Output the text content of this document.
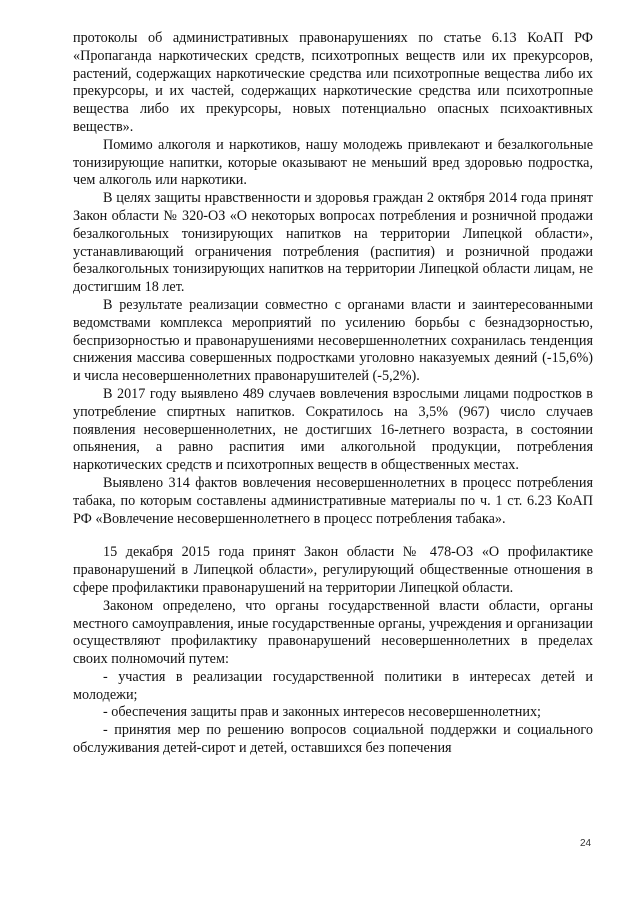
протоколы об административных правонарушениях по статье 6.13 КоАП РФ «Пропаганда наркотических средств, психотропных веществ или их прекурсоров, растений, содержащих наркотические средства или психотропные вещества либо их прекурсоры, и их частей, содержащих наркотические средства или психотропные вещества либо их прекурсоры, новых потенциально опасных психоактивных веществ».

Помимо алкоголя и наркотиков, нашу молодежь привлекают и безалкогольные тонизирующие напитки, которые оказывают не меньший вред здоровью подростка, чем алкоголь или наркотики.

В целях защиты нравственности и здоровья граждан 2 октября 2014 года принят Закон области № 320-ОЗ «О некоторых вопросах потребления и розничной продажи безалкогольных тонизирующих напитков на территории Липецкой области», устанавливающий ограничения потребления (распития) и розничной продажи безалкогольных тонизирующих напитков на территории Липецкой области лицам, не достигшим 18 лет.

В результате реализации совместно с органами власти и заинтересованными ведомствами комплекса мероприятий по усилению борьбы с безнадзорностью, беспризорностью и правонарушениями несовершеннолетних сохранилась тенденция снижения массива совершенных подростками уголовно наказуемых деяний (-15,6%) и числа несовершеннолетних правонарушителей (-5,2%).

В 2017 году выявлено 489 случаев вовлечения взрослыми лицами подростков в употребление спиртных напитков. Сократилось на 3,5% (967) число случаев появления несовершеннолетних, не достигших 16-летнего возраста, в состоянии опьянения, а равно распития ими алкогольной продукции, потребления наркотических средств и психотропных веществ в общественных местах.

Выявлено 314 фактов вовлечения несовершеннолетних в процесс потребления табака, по которым составлены административные материалы по ч. 1 ст. 6.23 КоАП РФ «Вовлечение несовершеннолетнего в процесс потребления табака».

15 декабря 2015 года принят Закон области № 478-ОЗ «О профилактике правонарушений в Липецкой области», регулирующий общественные отношения в сфере профилактики правонарушений на территории Липецкой области.

Законом определено, что органы государственной власти области, органы местного самоуправления, иные государственные органы, учреждения и организации осуществляют профилактику правонарушений несовершеннолетних в пределах своих полномочий путем:

- участия в реализации государственной политики в интересах детей и молодежи;

- обеспечения защиты прав и законных интересов несовершеннолетних;

- принятия мер по решению вопросов социальной поддержки и социального обслуживания детей-сирот и детей, оставшихся без попечения

24
